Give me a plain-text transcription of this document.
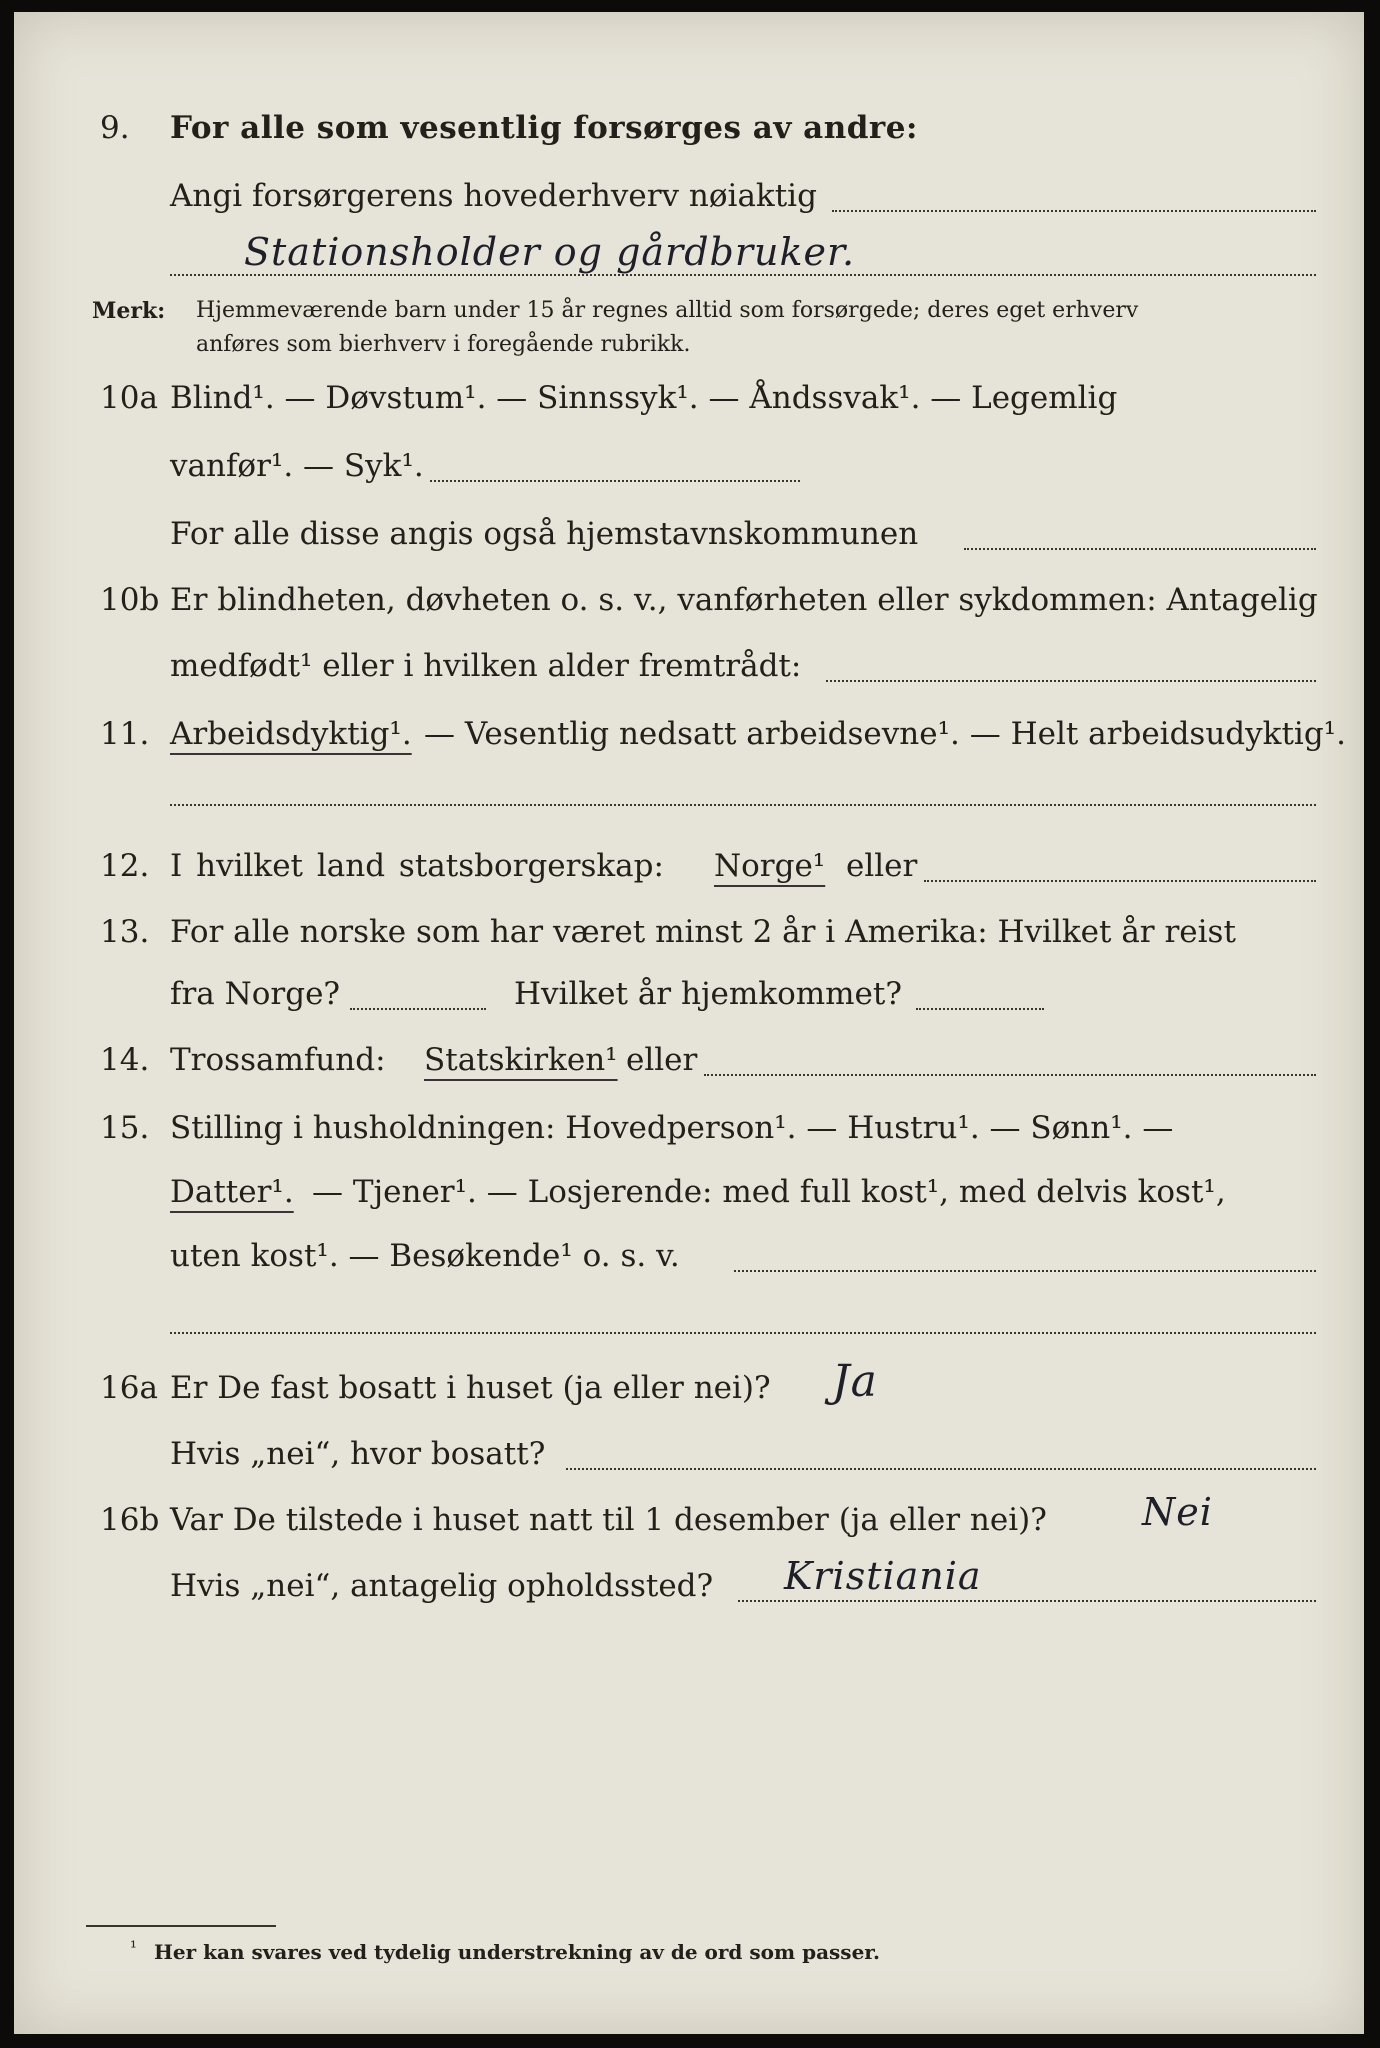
9. For alle som vesentlig forsørges av andre:
Angi forsørgerens hovederhverv nøiaktig
Stationsholder og gårdbruker.
Merk: Hjemmeværende barn under 15 år regnes alltid som forsørgede; deres eget erhverv
anføres som bierhverv i foregående rubrikk.
10a Blind¹. — Døvstum¹. — Sinnssyk¹. — Åndssvak¹. — Legemlig
vanfør¹. — Syk¹.
For alle disse angis også hjemstavnskommunen
10b Er blindheten, døvheten o. s. v., vanførheten eller sykdommen: Antagelig
medfødt¹ eller i hvilken alder fremtrådt:
11. Arbeidsdyktig¹. — Vesentlig nedsatt arbeidsevne¹. — Helt arbeidsudyktig¹.
12. I hvilket land statsborgerskap: Norge¹ eller
13. For alle norske som har været minst 2 år i Amerika: Hvilket år reist
fra Norge?	Hvilket år hjemkommet?
14. Trossamfund: Statskirken¹ eller
15. Stilling i husholdningen: Hovedperson¹. — Hustru¹. — Sønn¹. —
Datter¹. — Tjener¹. — Losjerende: med full kost¹, med delvis kost¹,
uten kost¹. — Besøkende¹ o. s. v.
16a Er De fast bosatt i huset (ja eller nei)? Ja
Hvis „nei“, hvor bosatt?
16b Var De tilstede i huset natt til 1 desember (ja eller nei)?	Nei
Hvis „nei“, antagelig opholdssted? Kristiania
¹ Her kan svares ved tydelig understrekning av de ord som passer.
